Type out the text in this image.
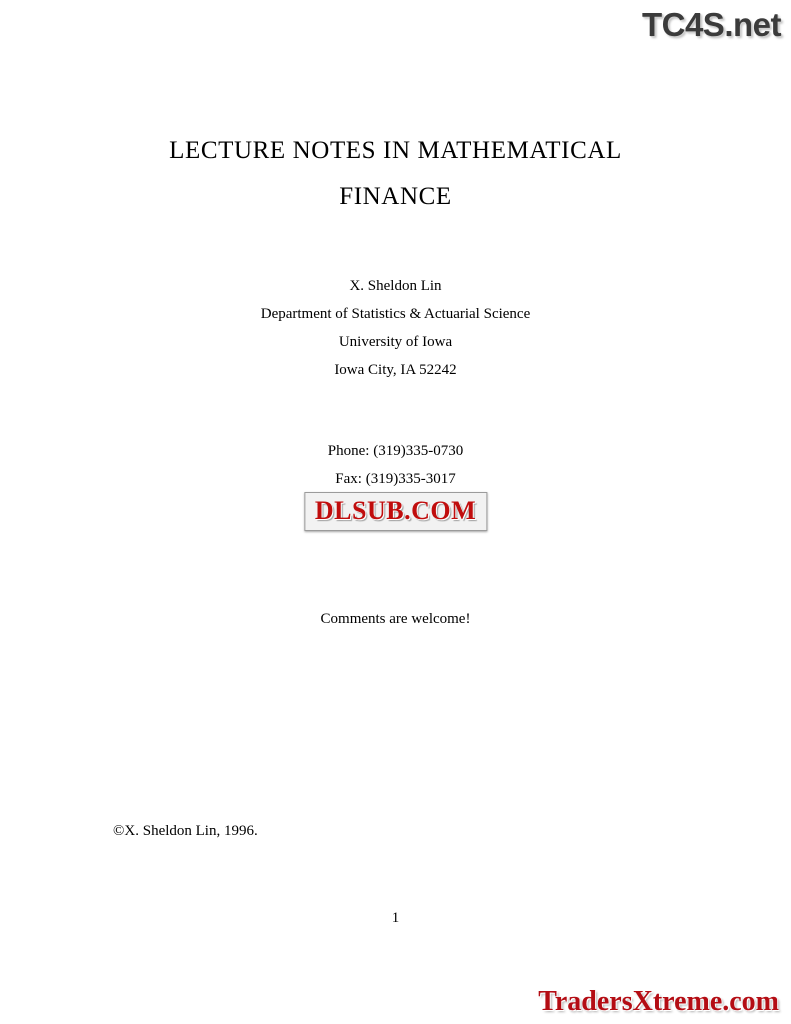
TC4S.net
LECTURE NOTES IN MATHEMATICAL
FINANCE
X. Sheldon Lin
Department of Statistics & Actuarial Science
University of Iowa
Iowa City, IA 52242
Phone: (319)335-0730
Fax: (319)335-3017
DLSUB.COM
Comments are welcome!
©X. Sheldon Lin, 1996.
1
TradersXtreme.com
